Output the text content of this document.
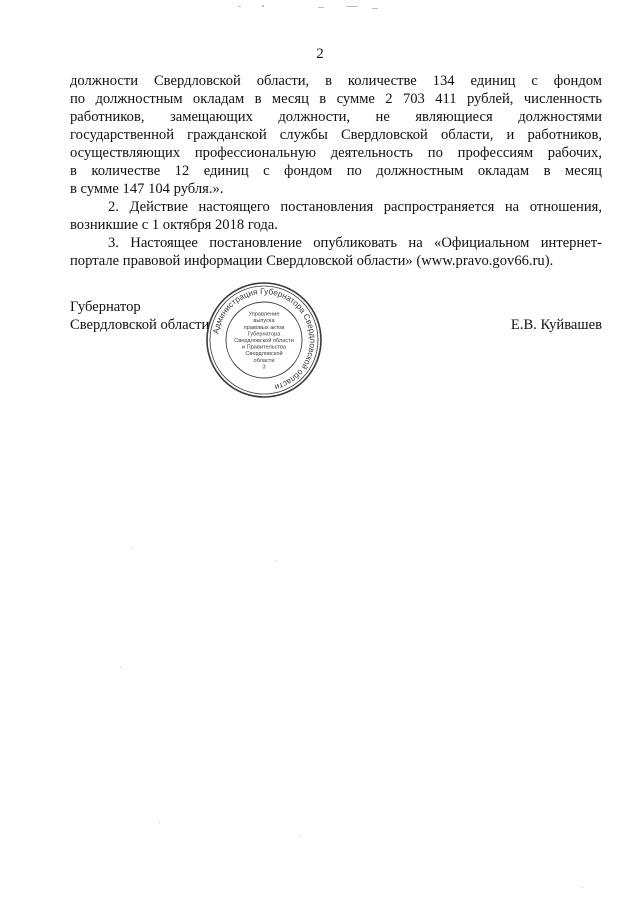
2
должности Свердловской области, в количестве 134 единиц с фондом
по должностным окладам в месяц в сумме 2 703 411 рублей, численность
работников, замещающих должности, не являющиеся должностями
государственной гражданской службы Свердловской области, и работников,
осуществляющих профессиональную деятельность по профессиям рабочих,
в количестве 12 единиц с фондом по должностным окладам в месяц
в сумме 147 104 рубля.».
2. Действие настоящего постановления распространяется на отношения,
возникшие с 1 октября 2018 года.
3. Настоящее постановление опубликовать на «Официальном интернет-
портале правовой информации Свердловской области» (www.pravo.gov66.ru).
Губернатор
Свердловской области	Е.В. Куйвашев
Администрация Губернатора Свердловской области
Управление
выпуска
правовых актов
Губернатора
Свердловской области
и Правительства
Свердловской
области
3
